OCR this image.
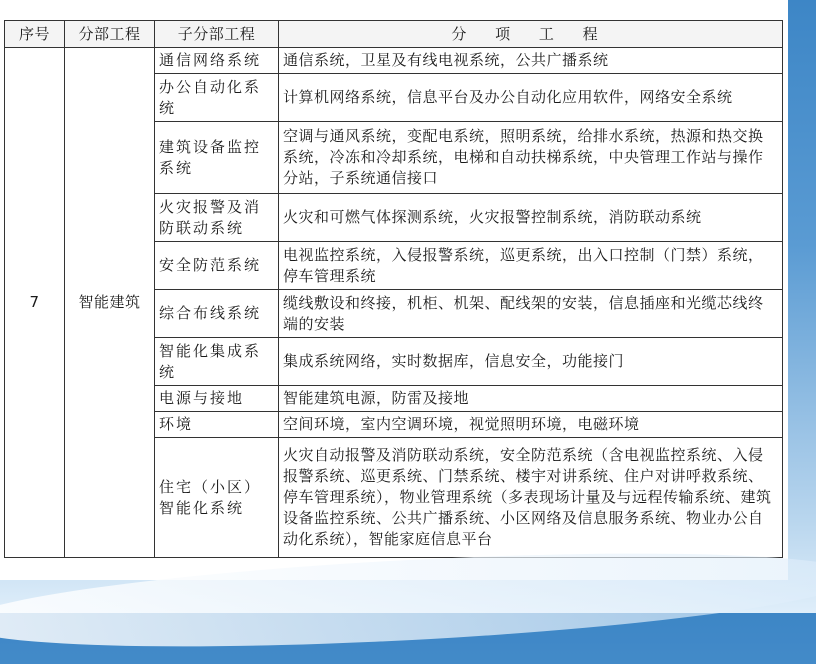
序号	分部工程	子分部工程	分 项 工 程
7	智能建筑	通信网络系统	通信系统，卫星及有线电视系统，公共广播系统
		办公自动化系统	计算机网络系统，信息平台及办公自动化应用软件，网络安全系统
		建筑设备监控系统	空调与通风系统，变配电系统，照明系统，给排水系统，热源和热交换系统，冷冻和冷却系统，电梯和自动扶梯系统，中央管理工作站与操作分站，子系统通信接口
		火灾报警及消防联动系统	火灾和可燃气体探测系统，火灾报警控制系统，消防联动系统
		安全防范系统	电视监控系统，入侵报警系统，巡更系统，出入口控制（门禁）系统，停车管理系统
		综合布线系统	缆线敷设和终接，机柜、机架、配线架的安装，信息插座和光缆芯线终端的安装
		智能化集成系统	集成系统网络，实时数据库，信息安全，功能接门
		电源与接地	智能建筑电源，防雷及接地
		环境	空间环境，室内空调环境，视觉照明环境，电磁环境
		住宅（小区）智能化系统	火灾自动报警及消防联动系统，安全防范系统（含电视监控系统、入侵报警系统、巡更系统、门禁系统、楼宇对讲系统、住户对讲呼救系统、停车管理系统），物业管理系统（多表现场计量及与远程传输系统、建筑设备监控系统、公共广播系统、小区网络及信息服务系统、物业办公自动化系统），智能家庭信息平台
